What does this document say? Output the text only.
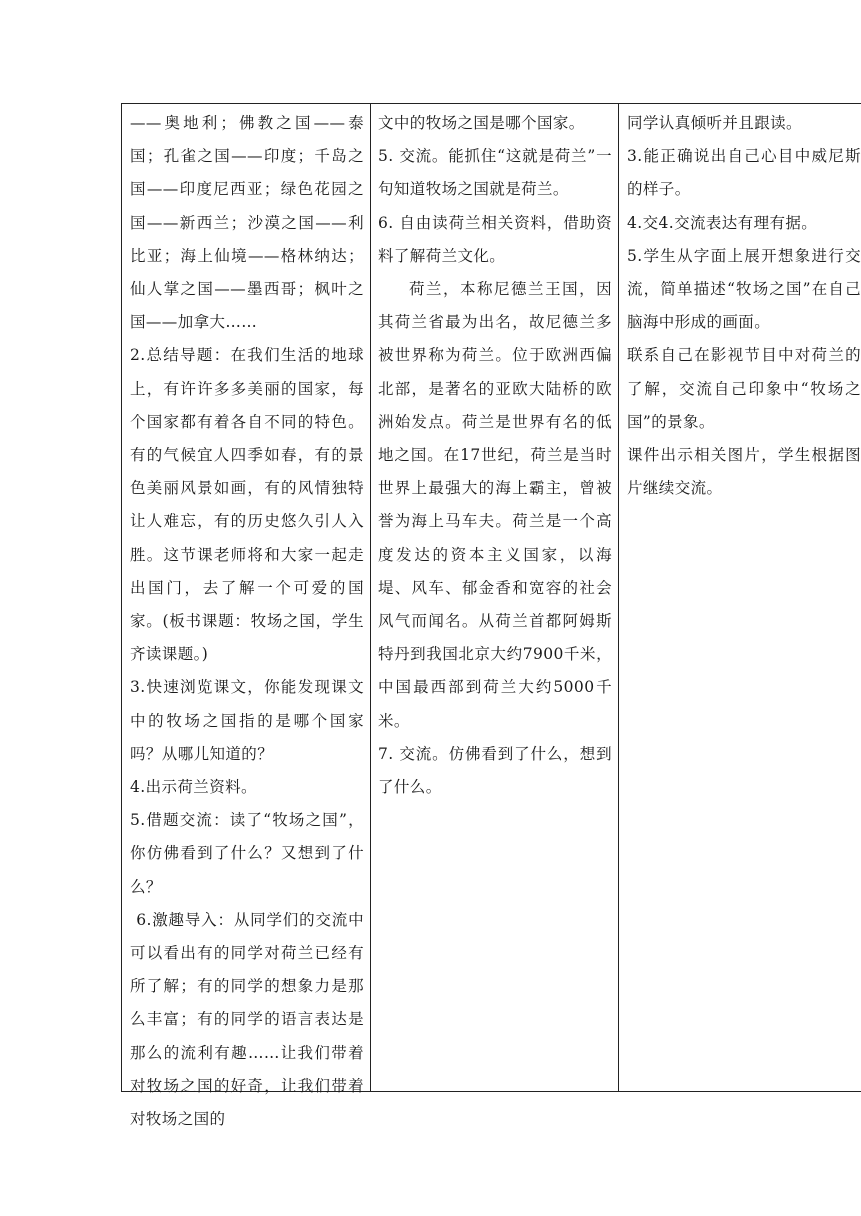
——奥地利；佛教之国——泰国；孔雀之国——印度；千岛之国——印度尼西亚；绿色花园之国——新西兰；沙漠之国——利比亚；海上仙境——格林纳达；仙人掌之国——墨西哥；枫叶之国——加拿大……

2.总结导题：在我们生活的地球上，有许许多多美丽的国家，每个国家都有着各自不同的特色。有的气候宜人四季如春，有的景色美丽风景如画，有的风情独特让人难忘，有的历史悠久引人入胜。这节课老师将和大家一起走出国门，去了解一个可爱的国家。(板书课题：牧场之国，学生齐读课题。)

3.快速浏览课文，你能发现课文中的牧场之国指的是哪个国家吗？从哪儿知道的？

4.出示荷兰资料。

5.借题交流：读了“牧场之国”，你仿佛看到了什么？又想到了什么？

6.激趣导入：从同学们的交流中可以看出有的同学对荷兰已经有所了解；有的同学的想象力是那么丰富；有的同学的语言表达是那么的流利有趣……让我们带着对牧场之国的好奇，让我们带着对牧场之国的

文中的牧场之国是哪个国家。

5. 交流。能抓住“这就是荷兰”一句知道牧场之国就是荷兰。

6. 自由读荷兰相关资料，借助资料了解荷兰文化。

荷兰，本称尼德兰王国，因其荷兰省最为出名，故尼德兰多被世界称为荷兰。位于欧洲西偏北部，是著名的亚欧大陆桥的欧洲始发点。荷兰是世界有名的低地之国。在17世纪，荷兰是当时世界上最强大的海上霸主，曾被誉为海上马车夫。荷兰是一个高度发达的资本主义国家，以海堤、风车、郁金香和宽容的社会风气而闻名。从荷兰首都阿姆斯特丹到我国北京大约7900千米，中国最西部到荷兰大约5000千米。

7. 交流。仿佛看到了什么，想到了什么。

同学认真倾听并且跟读。

3.能正确说出自己心目中威尼斯的样子。

4.交4.交流表达有理有据。

5.学生从字面上展开想象进行交流，简单描述“牧场之国”在自己脑海中形成的画面。

联系自己在影视节目中对荷兰的了解，交流自己印象中“牧场之国”的景象。

课件出示相关图片，学生根据图片继续交流。
